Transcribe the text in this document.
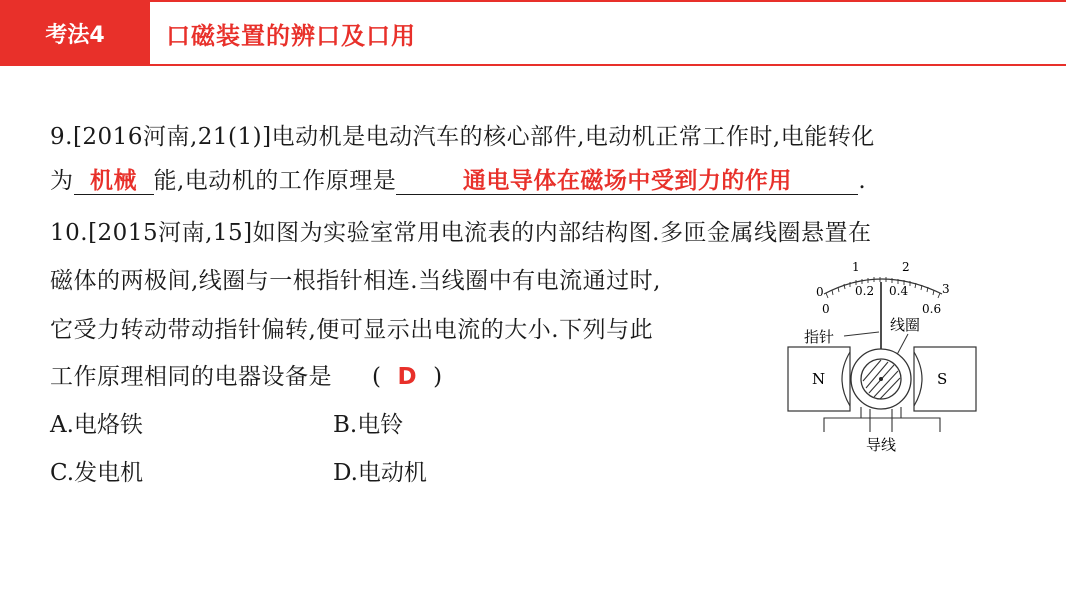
考法4	口磁装置的辨口及口用
9.[2016河南,21(1)]电动机是电动汽车的核心部件,电动机正常工作时,电能转化
为 机械 能,电动机的工作原理是	通电导体在磁场中受到力的作用	.
10.[2015河南,15]如图为实验室常用电流表的内部结构图.多匝金属线圈悬置在
磁体的两极间,线圈与一根指针相连.当线圈中有电流通过时,
它受力转动带动指针偏转,便可显示出电流的大小.下列与此
工作原理相同的电器设备是 ( D )
A.电烙铁	B.电铃
C.发电机	D.电动机
0
1	2
3
0
0.2 0.4
0.6
指针
线圈
N	S
导线
